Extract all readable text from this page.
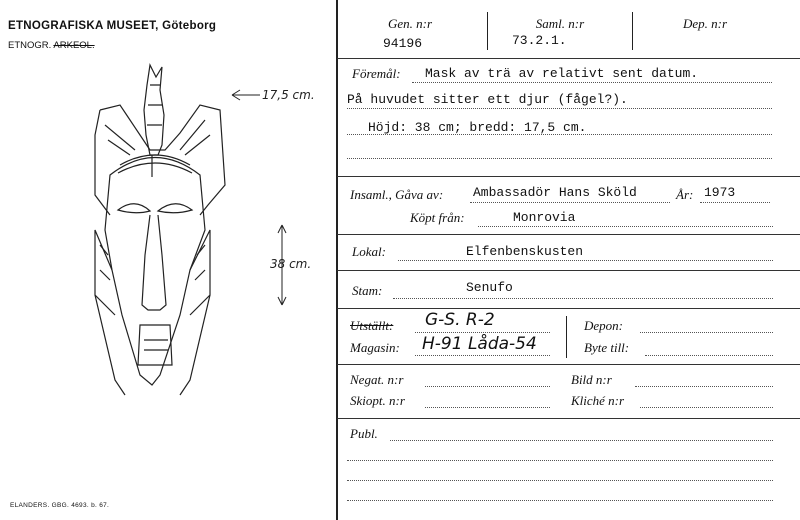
ETNOGRAFISKA MUSEET, Göteborg
ETNOGR. ARKEOL.
17,5 cm.
38 cm.
ELANDERS. GBG. 4693. b. 67.
Gen. n:r
94196
Saml. n:r
73.2.1.
Dep. n:r
Föremål: Mask av trä av relativt sent datum.
På huvudet sitter ett djur (fågel?).
Höjd: 38 cm; bredd: 17,5 cm.
Insaml., Gåva av: Ambassadör Hans Sköld	År: 1973
Köpt från:	Monrovia
Lokal:	Elfenbenskusten
Stam:	Senufo
Utställt: G-S. R-2
Magasin: H-91 Låda-54
Depon:
Byte till:
Negat. n:r
Skiopt. n:r
Bild n:r
Kliché n:r
Publ.
